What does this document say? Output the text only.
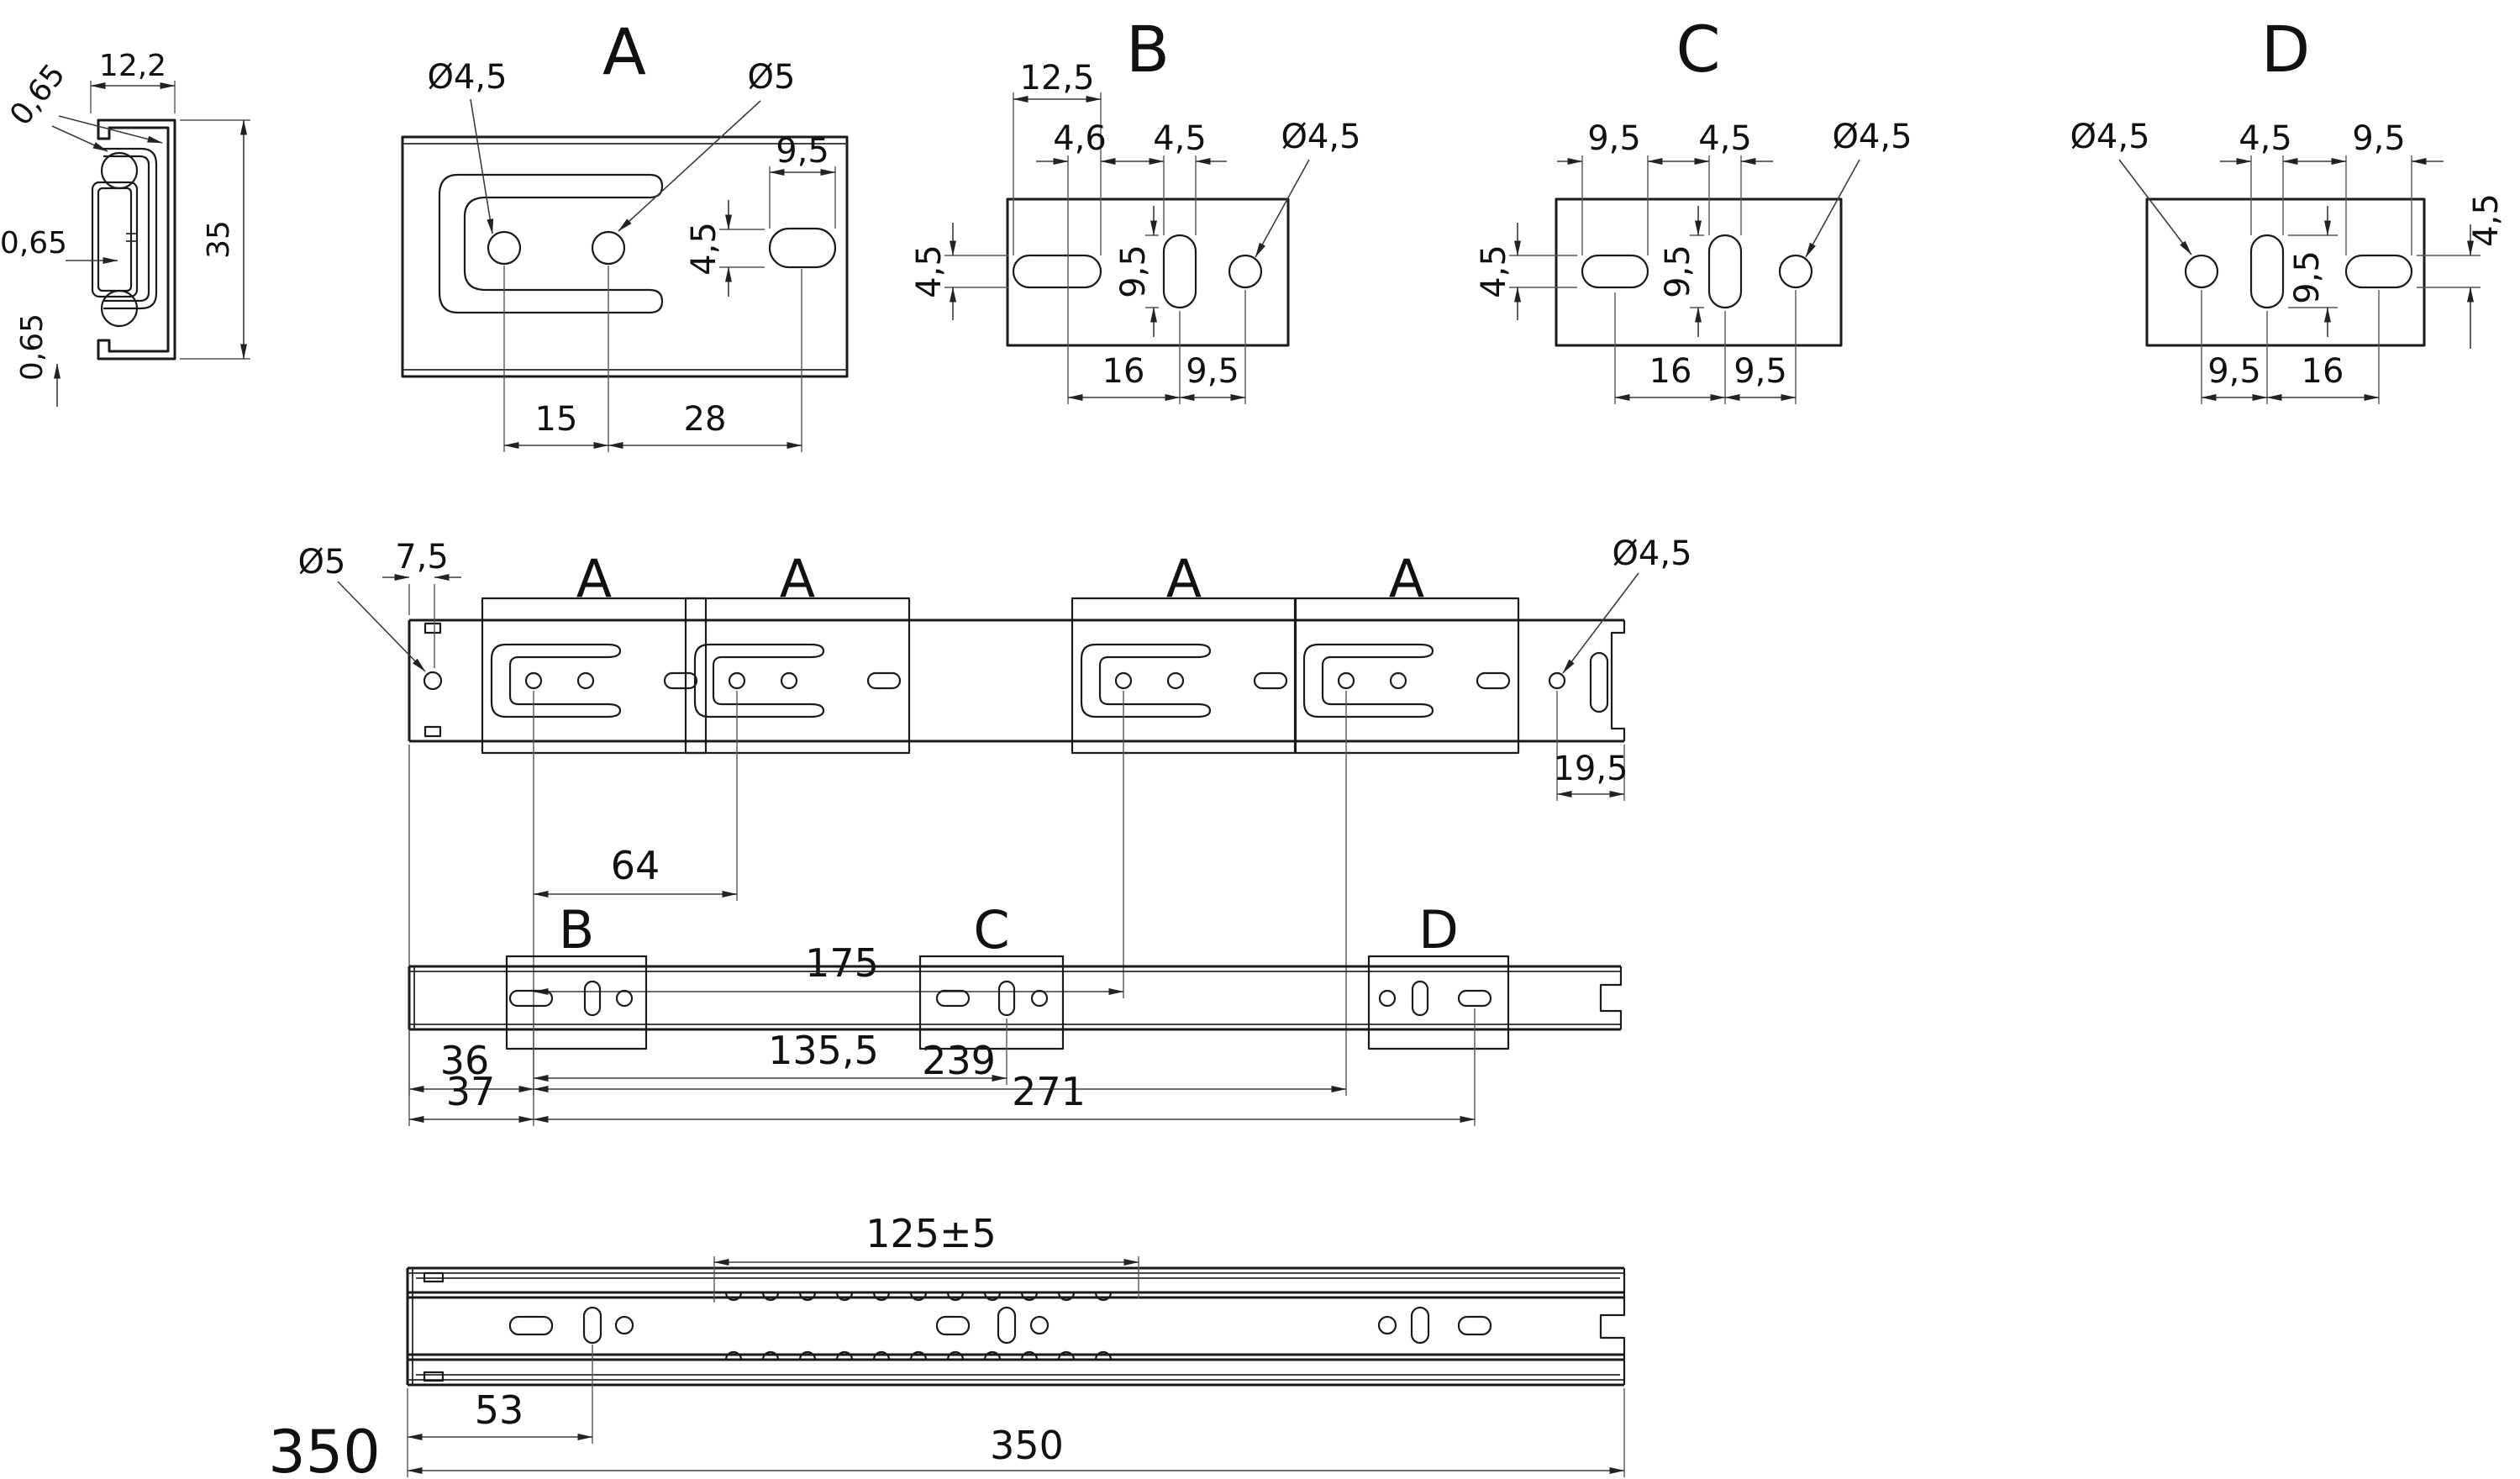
12,2
35
0,65
0,65
0,65
A
Ø4,5	Ø5
9,5
4,5
15	28
B
12,5
4,6 4,5 Ø4,5
4,5	9,5
16 9,5
C
9,5 4,5 Ø4,5
4,5	9,5
16 9,5
D
Ø4,5	4,5 9,5
4,5
9,5
9,5 16
A	A	A	A
Ø5 7,5	Ø4,5
19,5
64
175
239
36
B	C	D
135,5
37	271
350
125±5
53
350
